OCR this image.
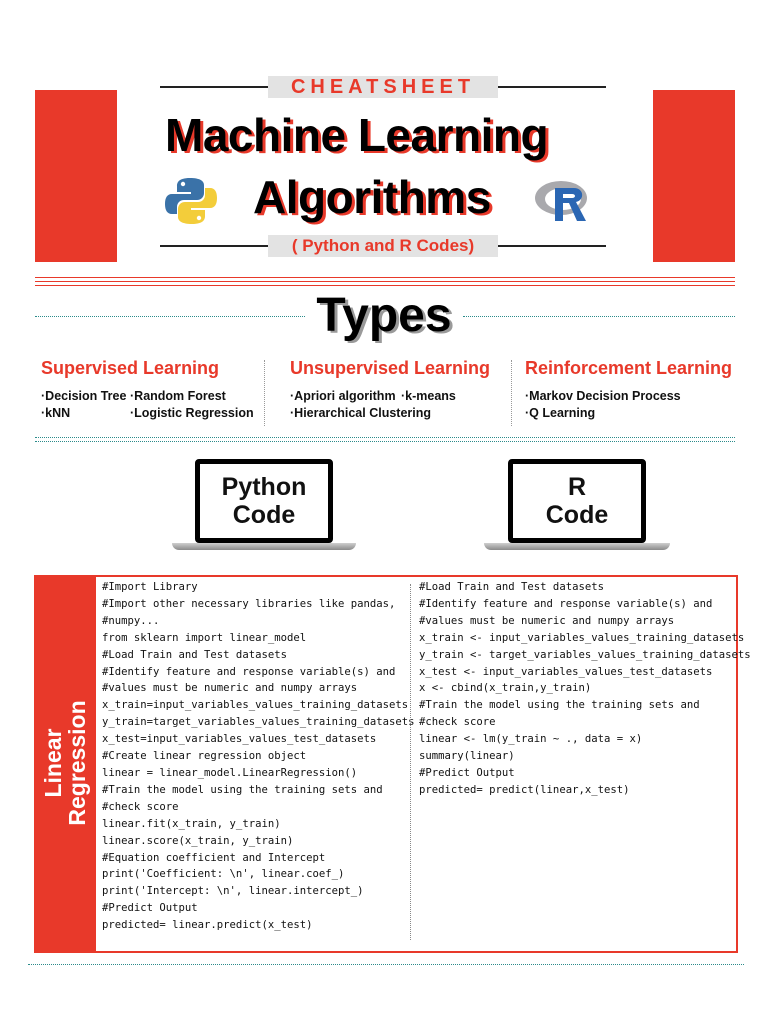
CHEATSHEET
Machine Learning
Algorithms
( Python and R Codes)
Types
Supervised Learning
·Decision Tree ·Random Forest
·kNN	·Logistic Regression
Unsupervised Learning
·Apriori algorithm ·k-means
·Hierarchical Clustering
Reinforcement Learning
·Markov Decision Process
·Q Learning
Python
Code
R
Code
Linear
Regression
#Import Library
#Import other necessary libraries like pandas,
#numpy...
from sklearn import linear_model
#Load Train and Test datasets
#Identify feature and response variable(s) and
#values must be numeric and numpy arrays
x_train=input_variables_values_training_datasets
y_train=target_variables_values_training_datasets
x_test=input_variables_values_test_datasets
#Create linear regression object
linear = linear_model.LinearRegression()
#Train the model using the training sets and
#check score
linear.fit(x_train, y_train)
linear.score(x_train, y_train)
#Equation coefficient and Intercept
print('Coefficient: \n', linear.coef_)
print('Intercept: \n', linear.intercept_)
#Predict Output
predicted= linear.predict(x_test)
#Load Train and Test datasets
#Identify feature and response variable(s) and
#values must be numeric and numpy arrays
x_train <- input_variables_values_training_datasets
y_train <- target_variables_values_training_datasets
x_test <- input_variables_values_test_datasets
x <- cbind(x_train,y_train)
#Train the model using the training sets and
#check score
linear <- lm(y_train ~ ., data = x)
summary(linear)
#Predict Output
predicted= predict(linear,x_test)
